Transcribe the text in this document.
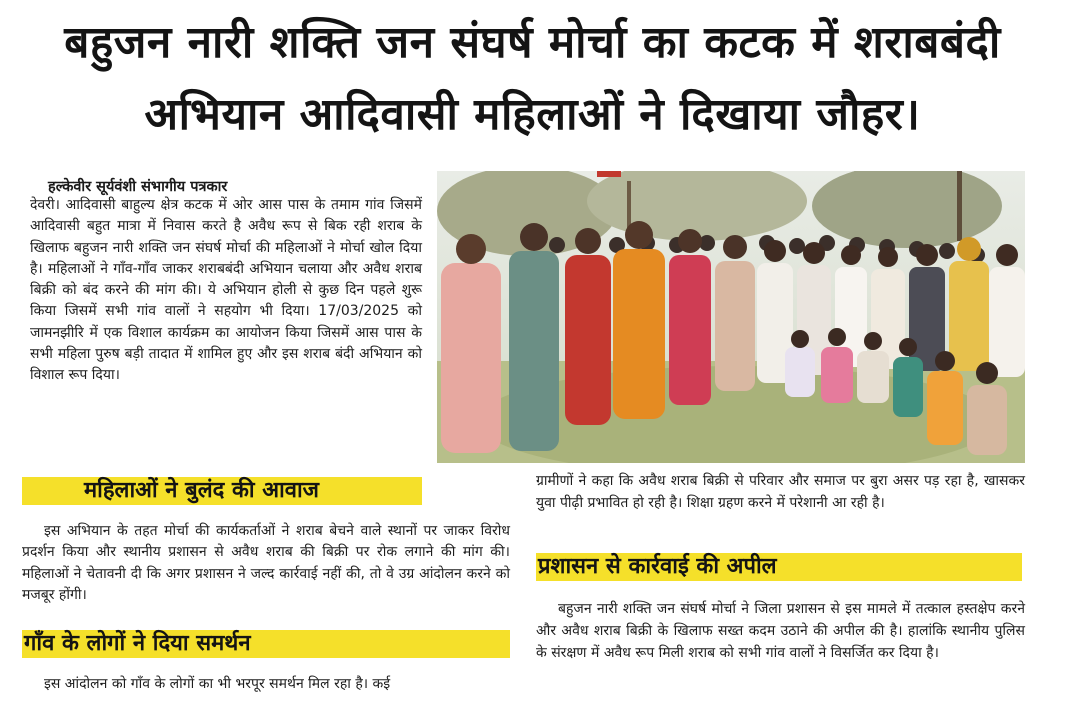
बहुजन नारी शक्ति जन संघर्ष मोर्चा का कटक में शराबबंदी
अभियान आदिवासी महिलाओं ने दिखाया जौहर।
हल्केवीर सूर्यवंशी संभागीय पत्रकार

देवरी। आदिवासी बाहुल्य क्षेत्र कटक में ओर आस पास के तमाम गांव जिसमें आदिवासी बहुत मात्रा में निवास करते है अवैध रूप से बिक रही शराब के खिलाफ बहुजन नारी शक्ति जन संघर्ष मोर्चा की महिलाओं ने मोर्चा खोल दिया है। महिलाओं ने गाँव-गाँव जाकर शराबबंदी अभियान चलाया और अवैध शराब बिक्री को बंद करने की मांग की। ये अभियान होली से कुछ दिन पहले शुरू किया जिसमें सभी गांव वालों ने सहयोग भी दिया। 17/03/2025 को जामनझीरि में एक विशाल कार्यक्रम का आयोजन किया जिसमें आस पास के सभी महिला पुरुष बड़ी तादात में शामिल हुए और इस शराब बंदी अभियान को विशाल रूप दिया।

महिलाओं ने बुलंद की आवाज

इस अभियान के तहत मोर्चा की कार्यकर्ताओं ने शराब बेचने वाले स्थानों पर जाकर विरोध प्रदर्शन किया और स्थानीय प्रशासन से अवैध शराब की बिक्री पर रोक लगाने की मांग की। महिलाओं ने चेतावनी दी कि अगर प्रशासन ने जल्द कार्रवाई नहीं की, तो वे उग्र आंदोलन करने को मजबूर होंगी।

गाँव के लोगों ने दिया समर्थन

इस आंदोलन को गाँव के लोगों का भी भरपूर समर्थन मिल रहा है। कई

ग्रामीणों ने कहा कि अवैध शराब बिक्री से परिवार और समाज पर बुरा असर पड़ रहा है, खासकर युवा पीढ़ी प्रभावित हो रही है। शिक्षा ग्रहण करने में परेशानी आ रही है।

प्रशासन से कार्रवाई की अपील

बहुजन नारी शक्ति जन संघर्ष मोर्चा ने जिला प्रशासन से इस मामले में तत्काल हस्तक्षेप करने और अवैध शराब बिक्री के खिलाफ सख्त कदम उठाने की अपील की है। हालांकि स्थानीय पुलिस के संरक्षण में अवैध रूप मिली शराब को सभी गांव वालों ने विसर्जित कर दिया है।
